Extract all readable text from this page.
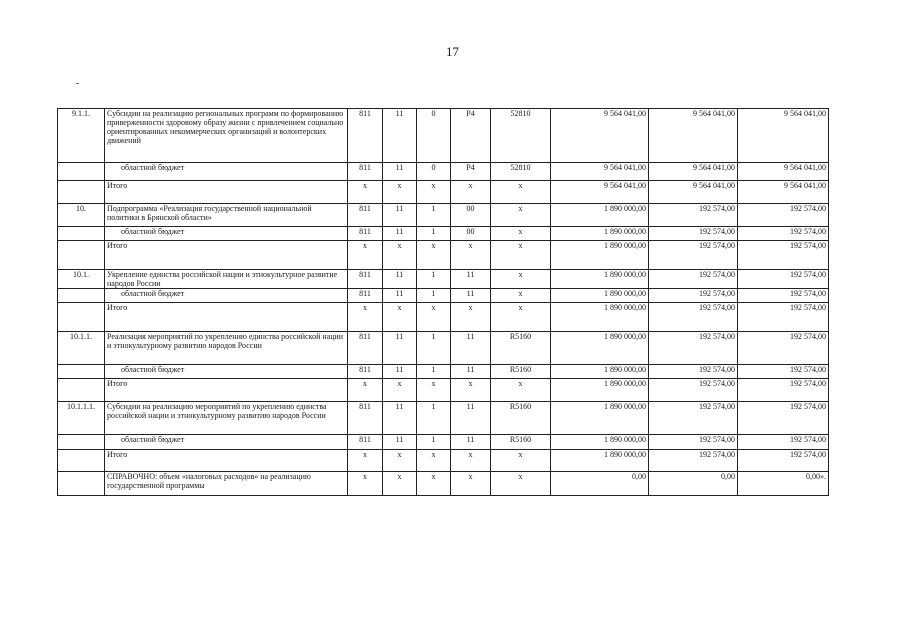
17
9.1.1.	Субсидии на реализацию региональных программ по формированию приверженности здоровому образу жизни с привлечением социально ориентированных некоммерческих организаций и волонтерских движений	811	11	0	P4	52810	9 564 041,00	9 564 041,00	9 564 041,00
	областной бюджет	811	11	0	P4	52810	9 564 041,00	9 564 041,00	9 564 041,00
	Итого	x	x	x	x	x	9 564 041,00	9 564 041,00	9 564 041,00
10.	Подпрограмма «Реализация государственной национальной политики в Брянской области»	811	11	1	00	x	1 890 000,00	192 574,00	192 574,00
	областной бюджет	811	11	1	00	x	1 890 000,00	192 574,00	192 574,00
	Итого	x	x	x	x	x	1 890 000,00	192 574,00	192 574,00
10.1.	Укрепление единства российской нации и этнокультурное развитие народов России	811	11	1	11	x	1 890 000,00	192 574,00	192 574,00
	областной бюджет	811	11	1	11	x	1 890 000,00	192 574,00	192 574,00
	Итого	x	x	x	x	x	1 890 000,00	192 574,00	192 574,00
10.1.1.	Реализация мероприятий по укреплению единства российской нации и этнокультурному развитию народов России	811	11	1	11	R5160	1 890 000,00	192 574,00	192 574,00
	областной бюджет	811	11	1	11	R5160	1 890 000,00	192 574,00	192 574,00
	Итого	x	x	x	x	x	1 890 000,00	192 574,00	192 574,00
10.1.1.1.	Субсидии на реализацию мероприятий по укреплению единства российской нации и этнокультурному развитию народов России	811	11	1	11	R5160	1 890 000,00	192 574,00	192 574,00
	областной бюджет	811	11	1	11	R5160	1 890 000,00	192 574,00	192 574,00
	Итого	x	x	x	x	x	1 890 000,00	192 574,00	192 574,00
	СПРАВОЧНО: объем «налоговых расходов» на реализацию государственной программы	x	x	x	x	x	0,00	0,00	0,00».
